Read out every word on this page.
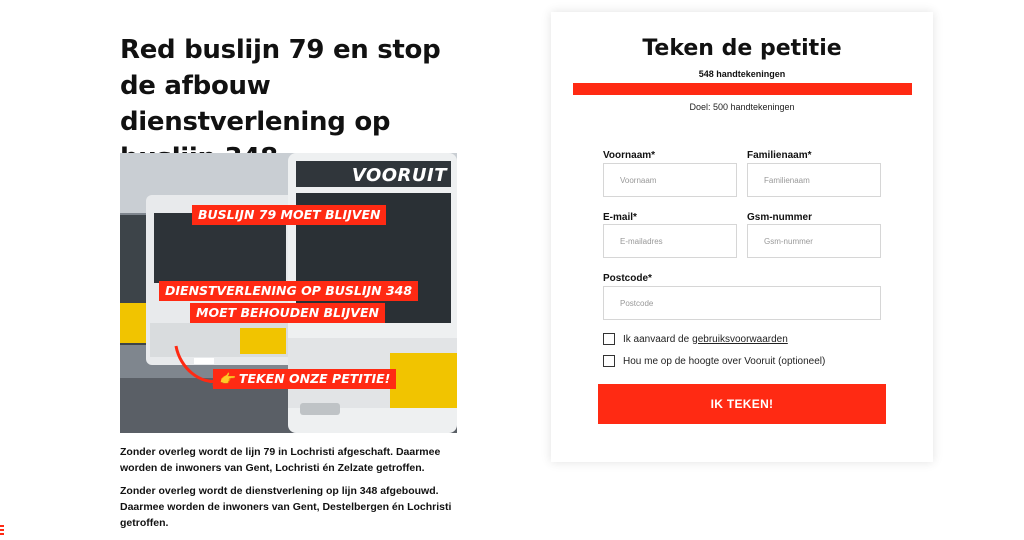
Red buslijn 79 en stop de afbouw dienstverlening op
VOORUIT
BUSLIJN 79 MOET BLIJVEN
DIENSTVERLENING OP BUSLIJN 348
MOET BEHOUDEN BLIJVEN
👉 TEKEN ONZE PETITIE!

Zonder overleg wordt de lijn 79 in Lochristi afgeschaft. Daarmee worden de inwoners van Gent, Lochristi én Zelzate getroffen.

Zonder overleg wordt de dienstverlening op lijn 348 afgebouwd. Daarmee worden de inwoners van Gent, Destelbergen én Lochristi getroffen.

Teken de petitie
548 handtekeningen
Doel: 500 handtekeningen
Voornaam*
Voornaam	Familienaam*
Familienaam
E-mail*
E-mailadres	Gsm-nummer
Gsm-nummer
Postcode*
Postcode
Ik aanvaard de gebruiksvoorwaarden
Hou me op de hoogte over Vooruit (optioneel)
IK TEKEN!
